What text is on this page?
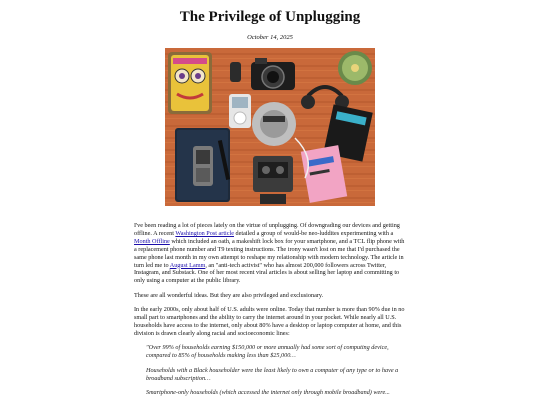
The Privilege of Unplugging
October 14, 2025

I've been reading a lot of pieces lately on the virtue of unplugging. Of downgrading our devices and getting offline. A recent Washington Post article detailed a group of would-be neo-luddites experimenting with a Month Offline which included an oath, a makeshift lock box for your smartphone, and a TCL flip phone with a replacement phone number and T9 texting instructions. The irony wasn't lost on me that I'd purchased the same phone last month in my own attempt to reshape my relationship with modern technology. The article in turn led me to August Lamm, an "anti-tech activist" who has almost 200,000 followers across Twitter, Instagram, and Substack. One of her most recent viral articles is about selling her laptop and committing to only using a computer at the public library.

These are all wonderful ideas. But they are also privileged and exclusionary.

In the early 2000s, only about half of U.S. adults were online. Today that number is more than 90% due in no small part to smartphones and the ability to carry the internet around in your pocket. While nearly all U.S. households have access to the internet, only about 80% have a desktop or laptop computer at home, and this division is drawn clearly along racial and socioeconomic lines:

"Over 99% of households earning $150,000 or more annually had some sort of computing device, compared to 85% of households making less than $25,000…
Households with a Black householder were the least likely to own a computer of any type or to have a broadband subscription…
Smartphone-only households (which accessed the internet only through mobile broadband) were...
